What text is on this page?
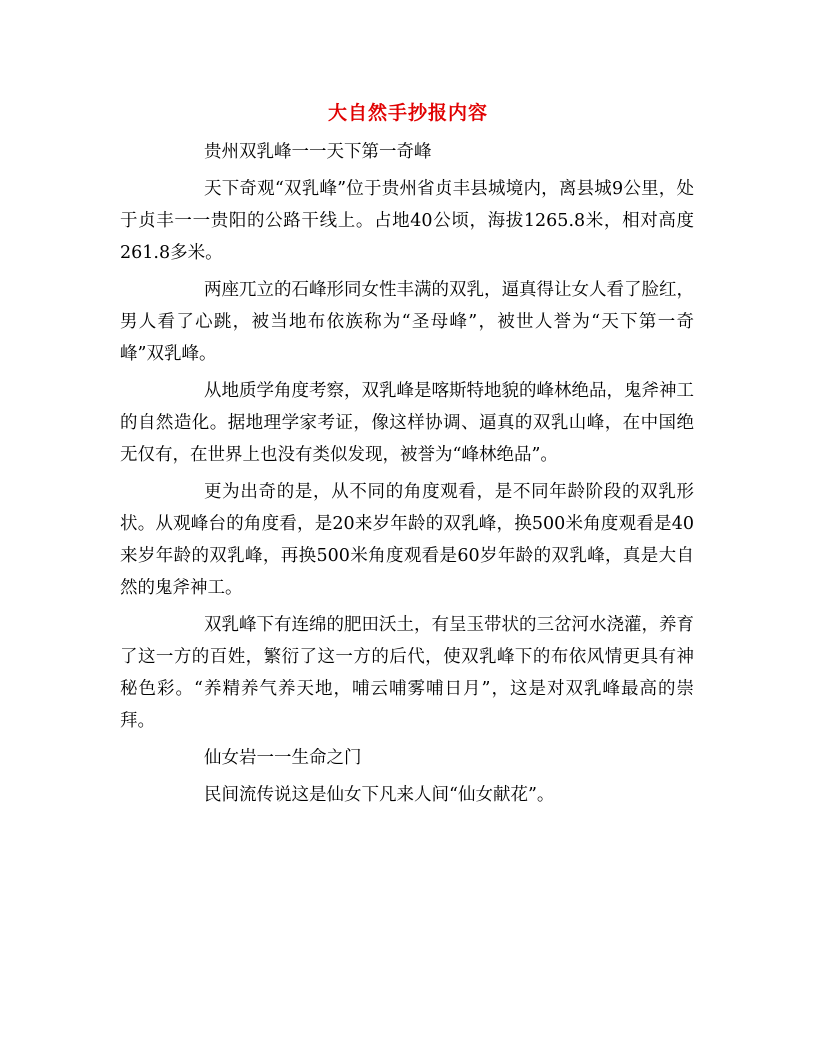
大自然手抄报内容

贵州双乳峰一一天下第一奇峰

天下奇观“双乳峰”位于贵州省贞丰县城境内，离县城9公里，处于贞丰一一贵阳的公路干线上。占地40公顷，海拔1265.8米，相对高度261.8多米。

两座兀立的石峰形同女性丰满的双乳，逼真得让女人看了脸红，男人看了心跳，被当地布依族称为“圣母峰”，被世人誉为“天下第一奇峰”双乳峰。

从地质学角度考察，双乳峰是喀斯特地貌的峰林绝品，鬼斧神工的自然造化。据地理学家考证，像这样协调、逼真的双乳山峰，在中国绝无仅有，在世界上也没有类似发现，被誉为“峰林绝品”。

更为出奇的是，从不同的角度观看，是不同年龄阶段的双乳形状。从观峰台的角度看，是20来岁年龄的双乳峰，换500米角度观看是40来岁年龄的双乳峰，再换500米角度观看是60岁年龄的双乳峰，真是大自然的鬼斧神工。

双乳峰下有连绵的肥田沃土，有呈玉带状的三岔河水浇灌，养育了这一方的百姓，繁衍了这一方的后代，使双乳峰下的布依风情更具有神秘色彩。“养精养气养天地，哺云哺雾哺日月”，这是对双乳峰最高的崇拜。

仙女岩一一生命之门

民间流传说这是仙女下凡来人间“仙女献花”。
